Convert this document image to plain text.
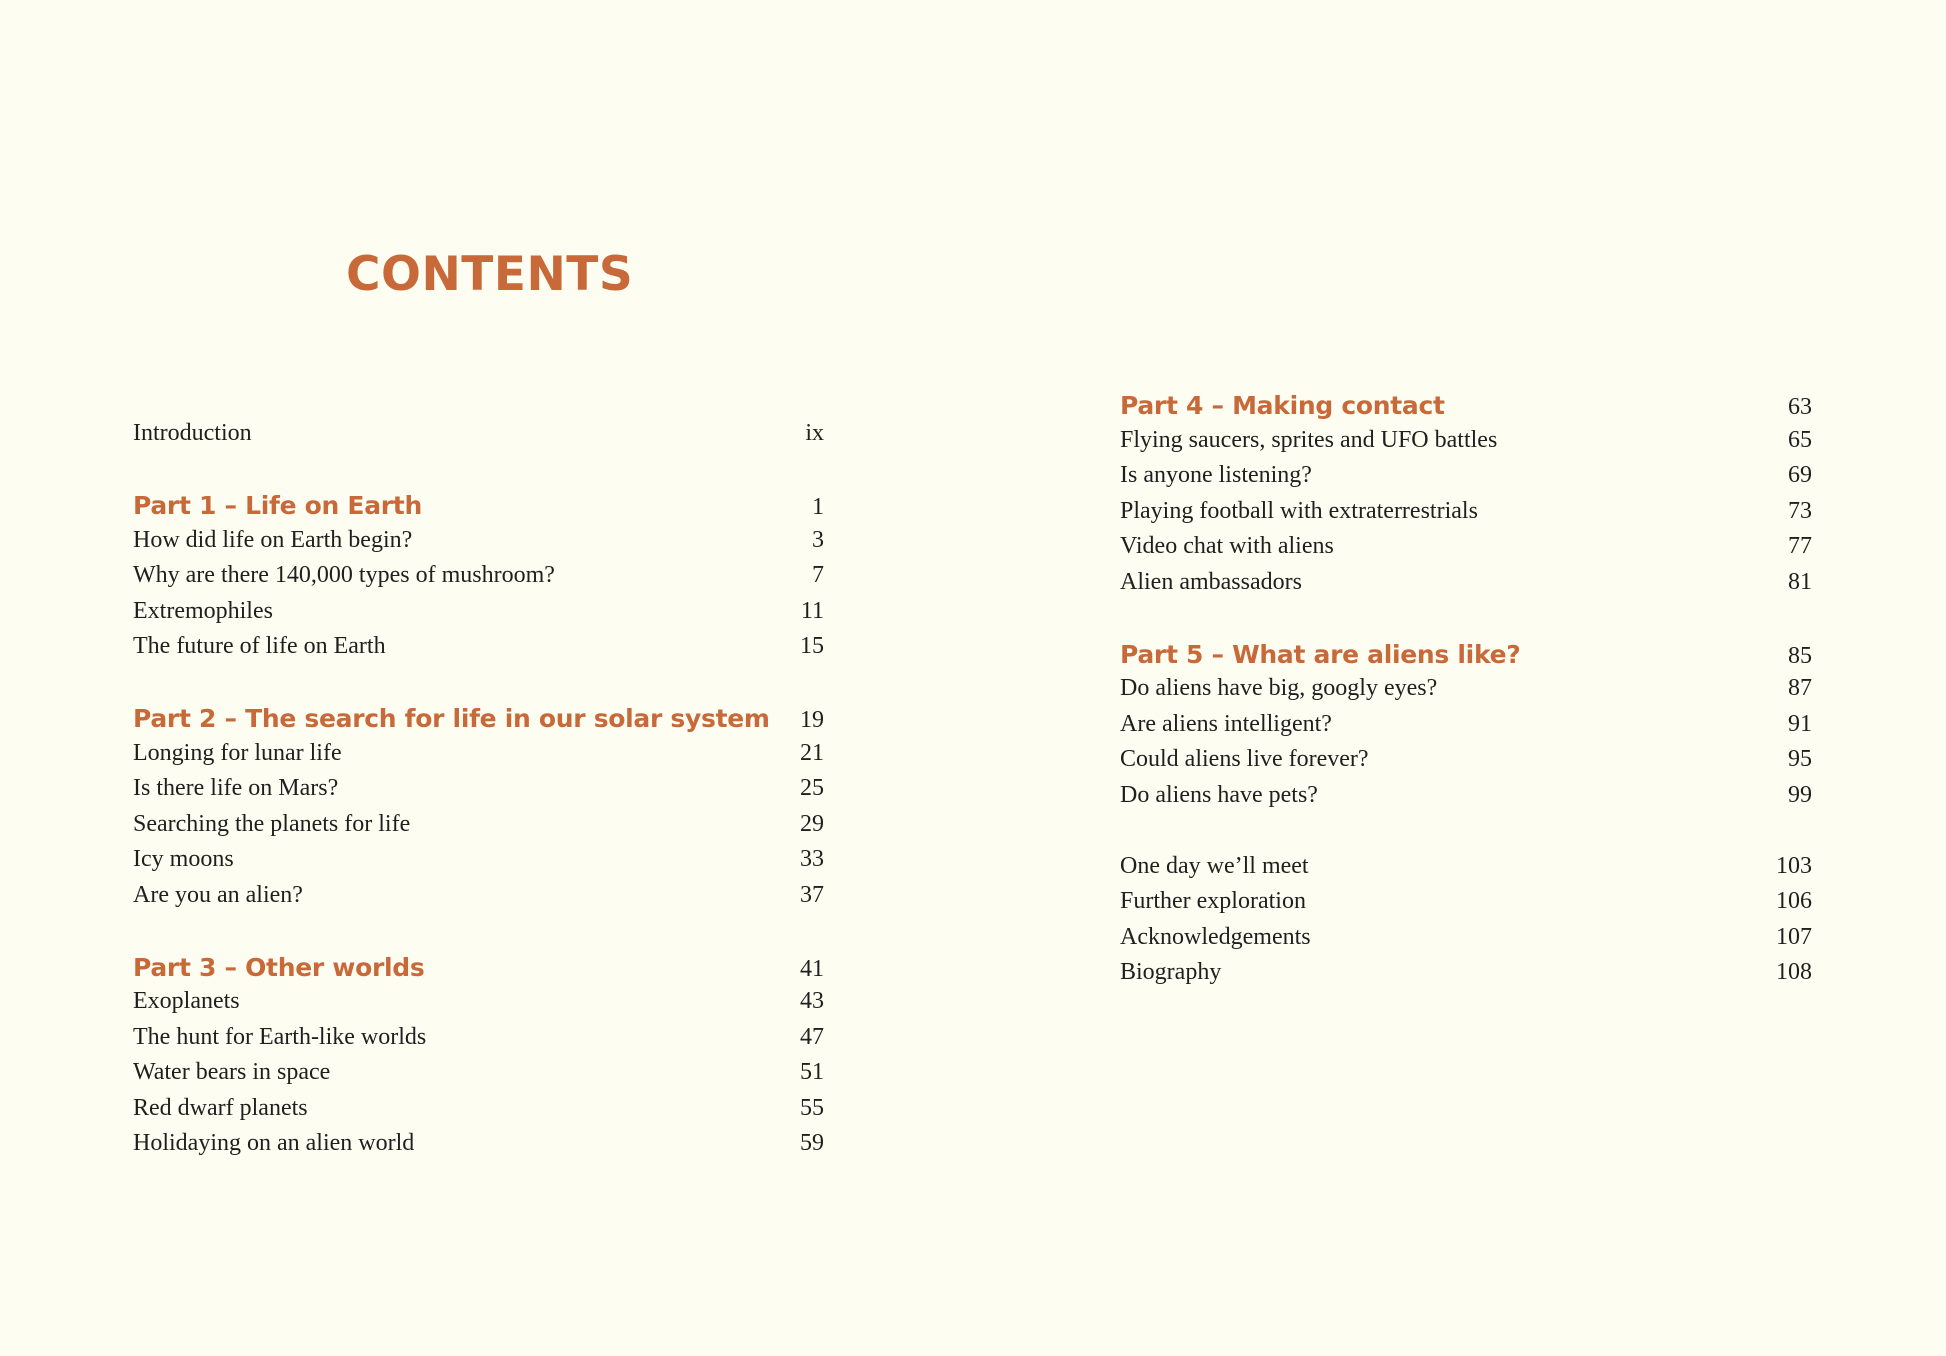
CONTENTS
Introduction	ix
Part 1 – Life on Earth	1
How did life on Earth begin?	3
Why are there 140,000 types of mushroom?	7
Extremophiles	11
The future of life on Earth	15
Part 2 – The search for life in our solar system 19
Longing for lunar life	21
Is there life on Mars?	25
Searching the planets for life	29
Icy moons	33
Are you an alien?	37
Part 3 – Other worlds	41
Exoplanets	43
The hunt for Earth-like worlds	47
Water bears in space	51
Red dwarf planets	55
Holidaying on an alien world	59
Part 4 – Making contact	63
Flying saucers, sprites and UFO battles	65
Is anyone listening?	69
Playing football with extraterrestrials	73
Video chat with aliens	77
Alien ambassadors	81
Part 5 – What are aliens like?	85
Do aliens have big, googly eyes?	87
Are aliens intelligent?	91
Could aliens live forever?	95
Do aliens have pets?	99
One day we’ll meet	103
Further exploration	106
Acknowledgements	107
Biography	108
